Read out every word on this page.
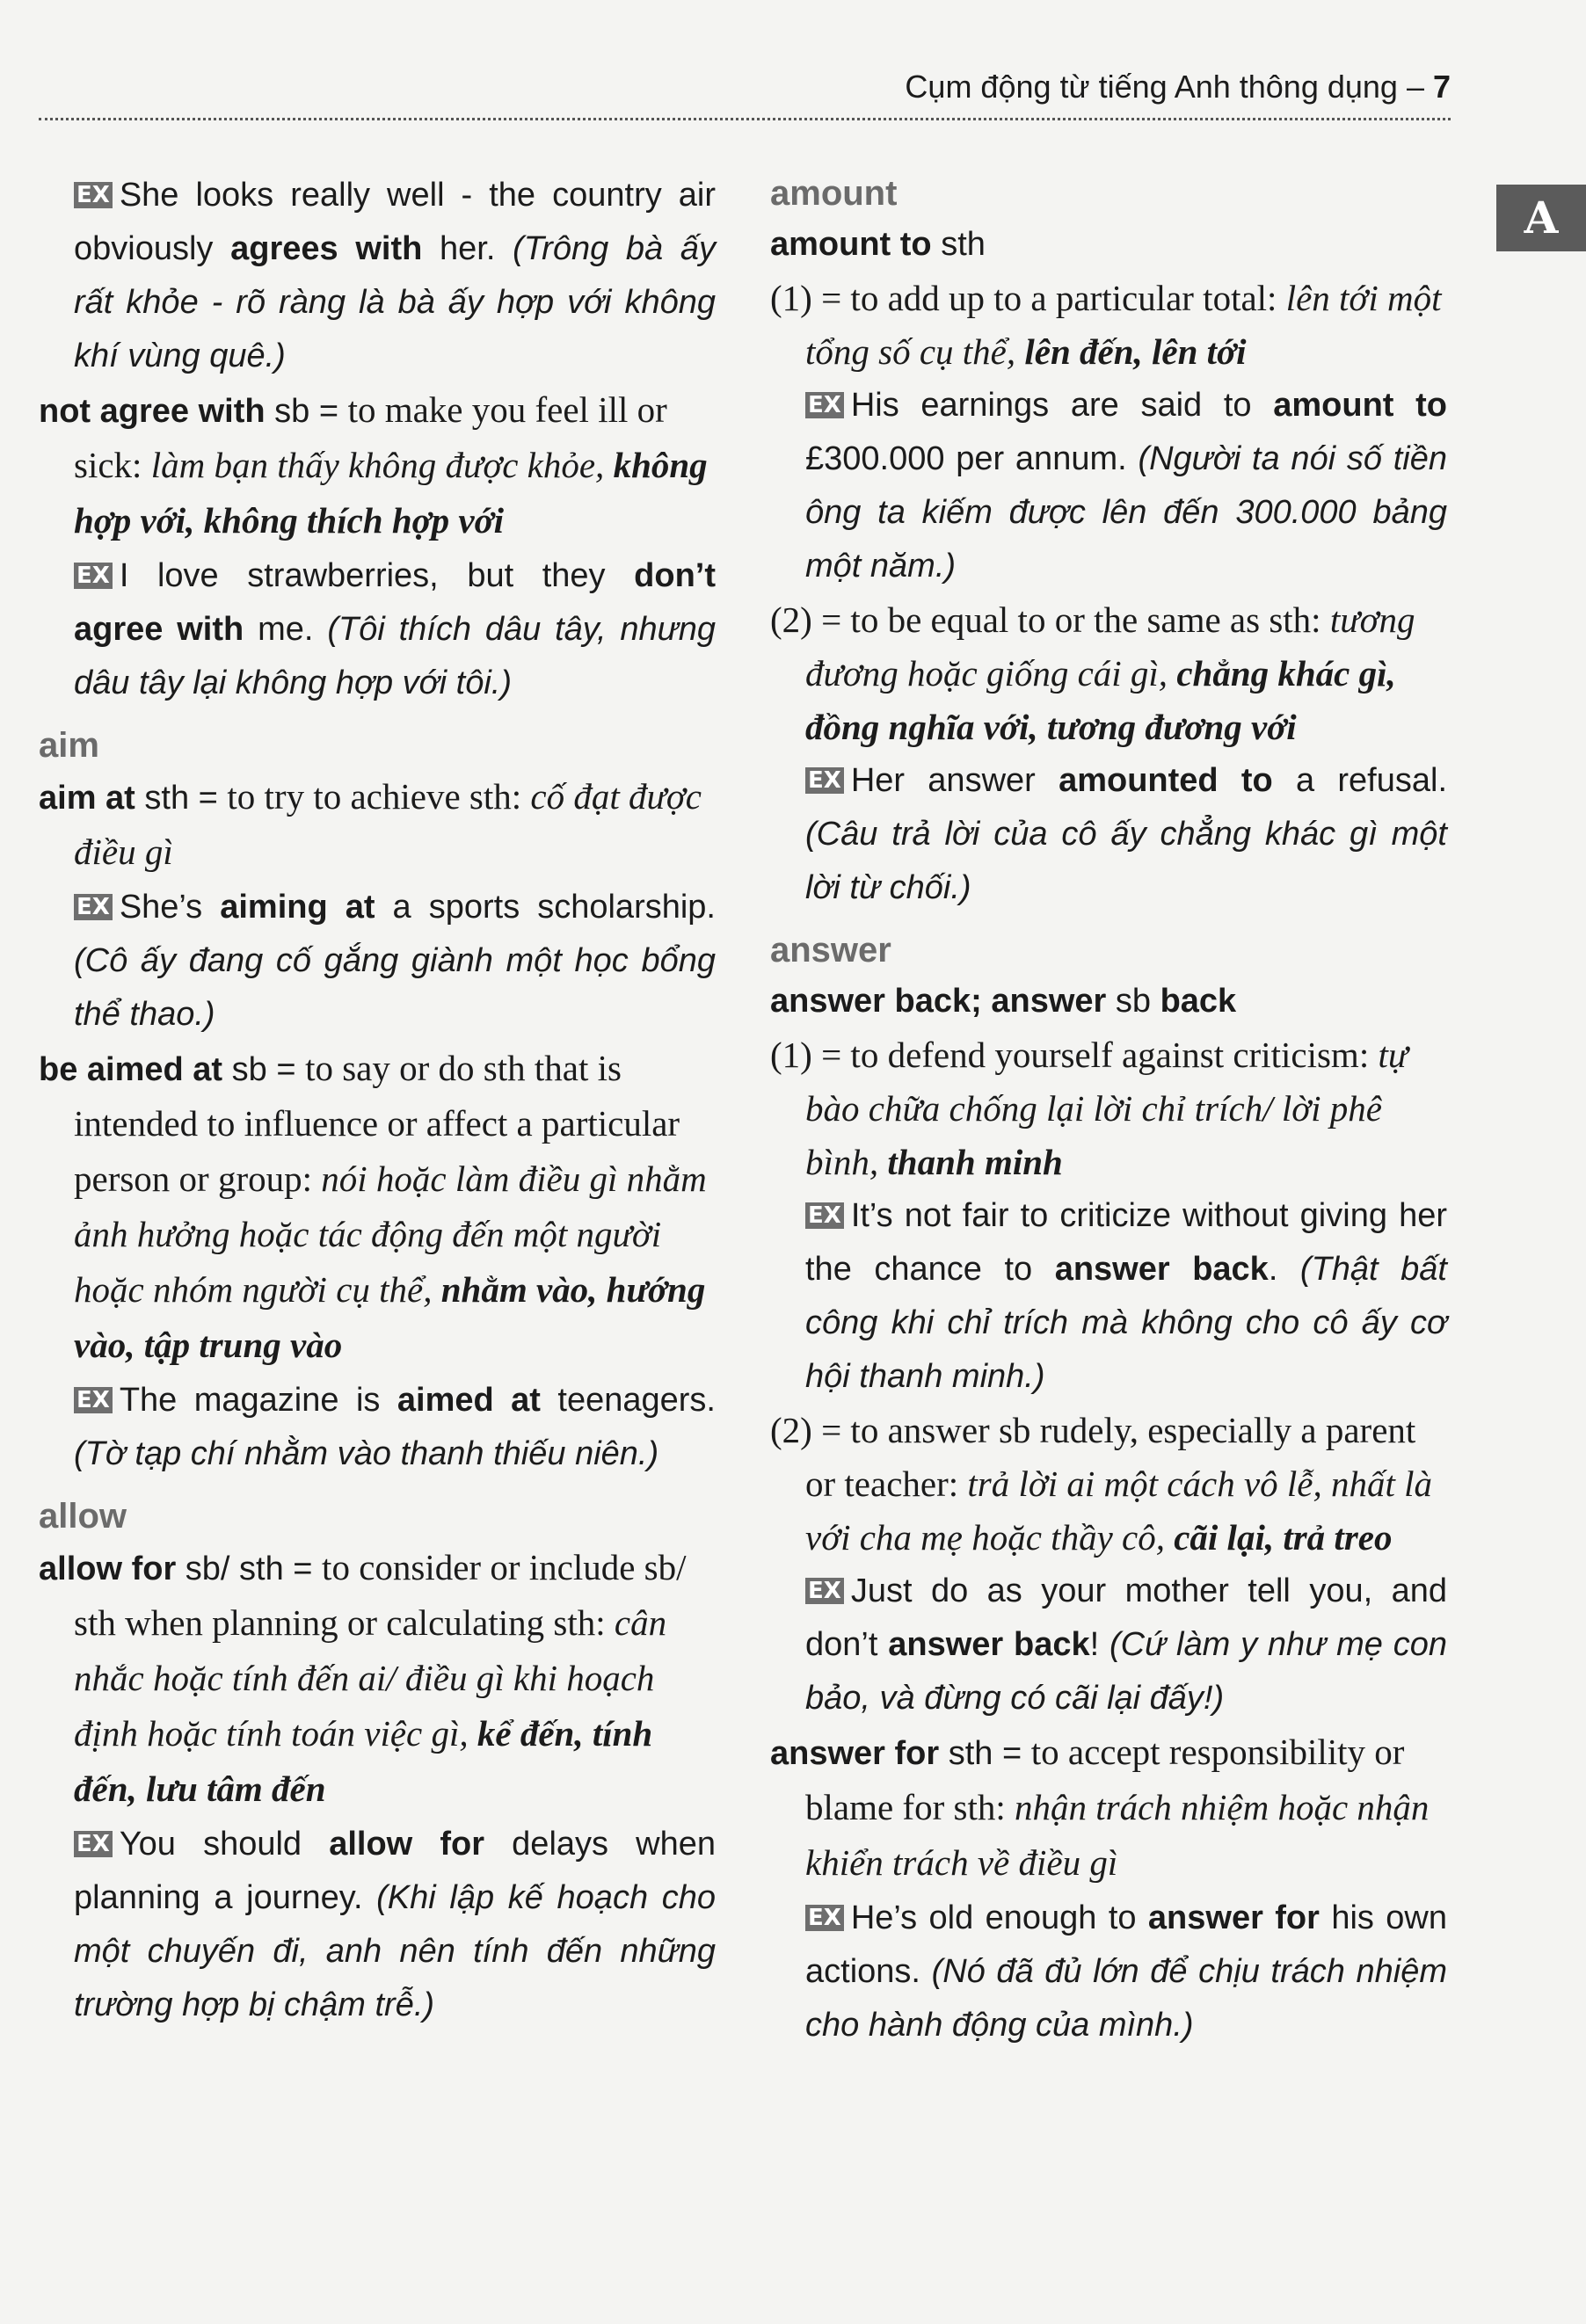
Cụm động từ tiếng Anh thông dụng – 7
A
EX She looks really well - the country air obviously agrees with her. (Trông bà ấy rất khỏe - rõ ràng là bà ấy hợp với không khí vùng quê.)
not agree with sb = to make you feel ill or sick: làm bạn thấy không được khỏe, không hợp với, không thích hợp với
EX I love strawberries, but they don’t agree with me. (Tôi thích dâu tây, nhưng dâu tây lại không hợp với tôi.)
aim
aim at sth = to try to achieve sth: cố đạt được điều gì
EX She’s aiming at a sports scholarship. (Cô ấy đang cố gắng giành một học bổng thể thao.)
be aimed at sb = to say or do sth that is intended to influence or affect a particular person or group: nói hoặc làm điều gì nhằm ảnh hưởng hoặc tác động đến một người hoặc nhóm người cụ thể, nhằm vào, hướng vào, tập trung vào
EX The magazine is aimed at teenagers. (Tờ tạp chí nhằm vào thanh thiếu niên.)
allow
allow for sb/ sth = to consider or include sb/ sth when planning or calculating sth: cân nhắc hoặc tính đến ai/ điều gì khi hoạch định hoặc tính toán việc gì, kể đến, tính đến, lưu tâm đến
EX You should allow for delays when planning a journey. (Khi lập kế hoạch cho một chuyến đi, anh nên tính đến những trường hợp bị chậm trễ.)
amount
amount to sth
(1) = to add up to a particular total: lên tới một tổng số cụ thể, lên đến, lên tới
EX His earnings are said to amount to £300.000 per annum. (Người ta nói số tiền ông ta kiếm được lên đến 300.000 bảng một năm.)
(2) = to be equal to or the same as sth: tương đương hoặc giống cái gì, chẳng khác gì, đồng nghĩa với, tương đương với
EX Her answer amounted to a refusal. (Câu trả lời của cô ấy chẳng khác gì một lời từ chối.)
answer
answer back; answer sb back
(1) = to defend yourself against criticism: tự bào chữa chống lại lời chỉ trích/ lời phê bình, thanh minh
EX It’s not fair to criticize without giving her the chance to answer back. (Thật bất công khi chỉ trích mà không cho cô ấy cơ hội thanh minh.)
(2) = to answer sb rudely, especially a parent or teacher: trả lời ai một cách vô lễ, nhất là với cha mẹ hoặc thầy cô, cãi lại, trả treo
EX Just do as your mother tell you, and don’t answer back! (Cứ làm y như mẹ con bảo, và đừng có cãi lại đấy!)
answer for sth = to accept responsibility or blame for sth: nhận trách nhiệm hoặc nhận khiển trách về điều gì
EX He’s old enough to answer for his own actions. (Nó đã đủ lớn để chịu trách nhiệm cho hành động của mình.)
